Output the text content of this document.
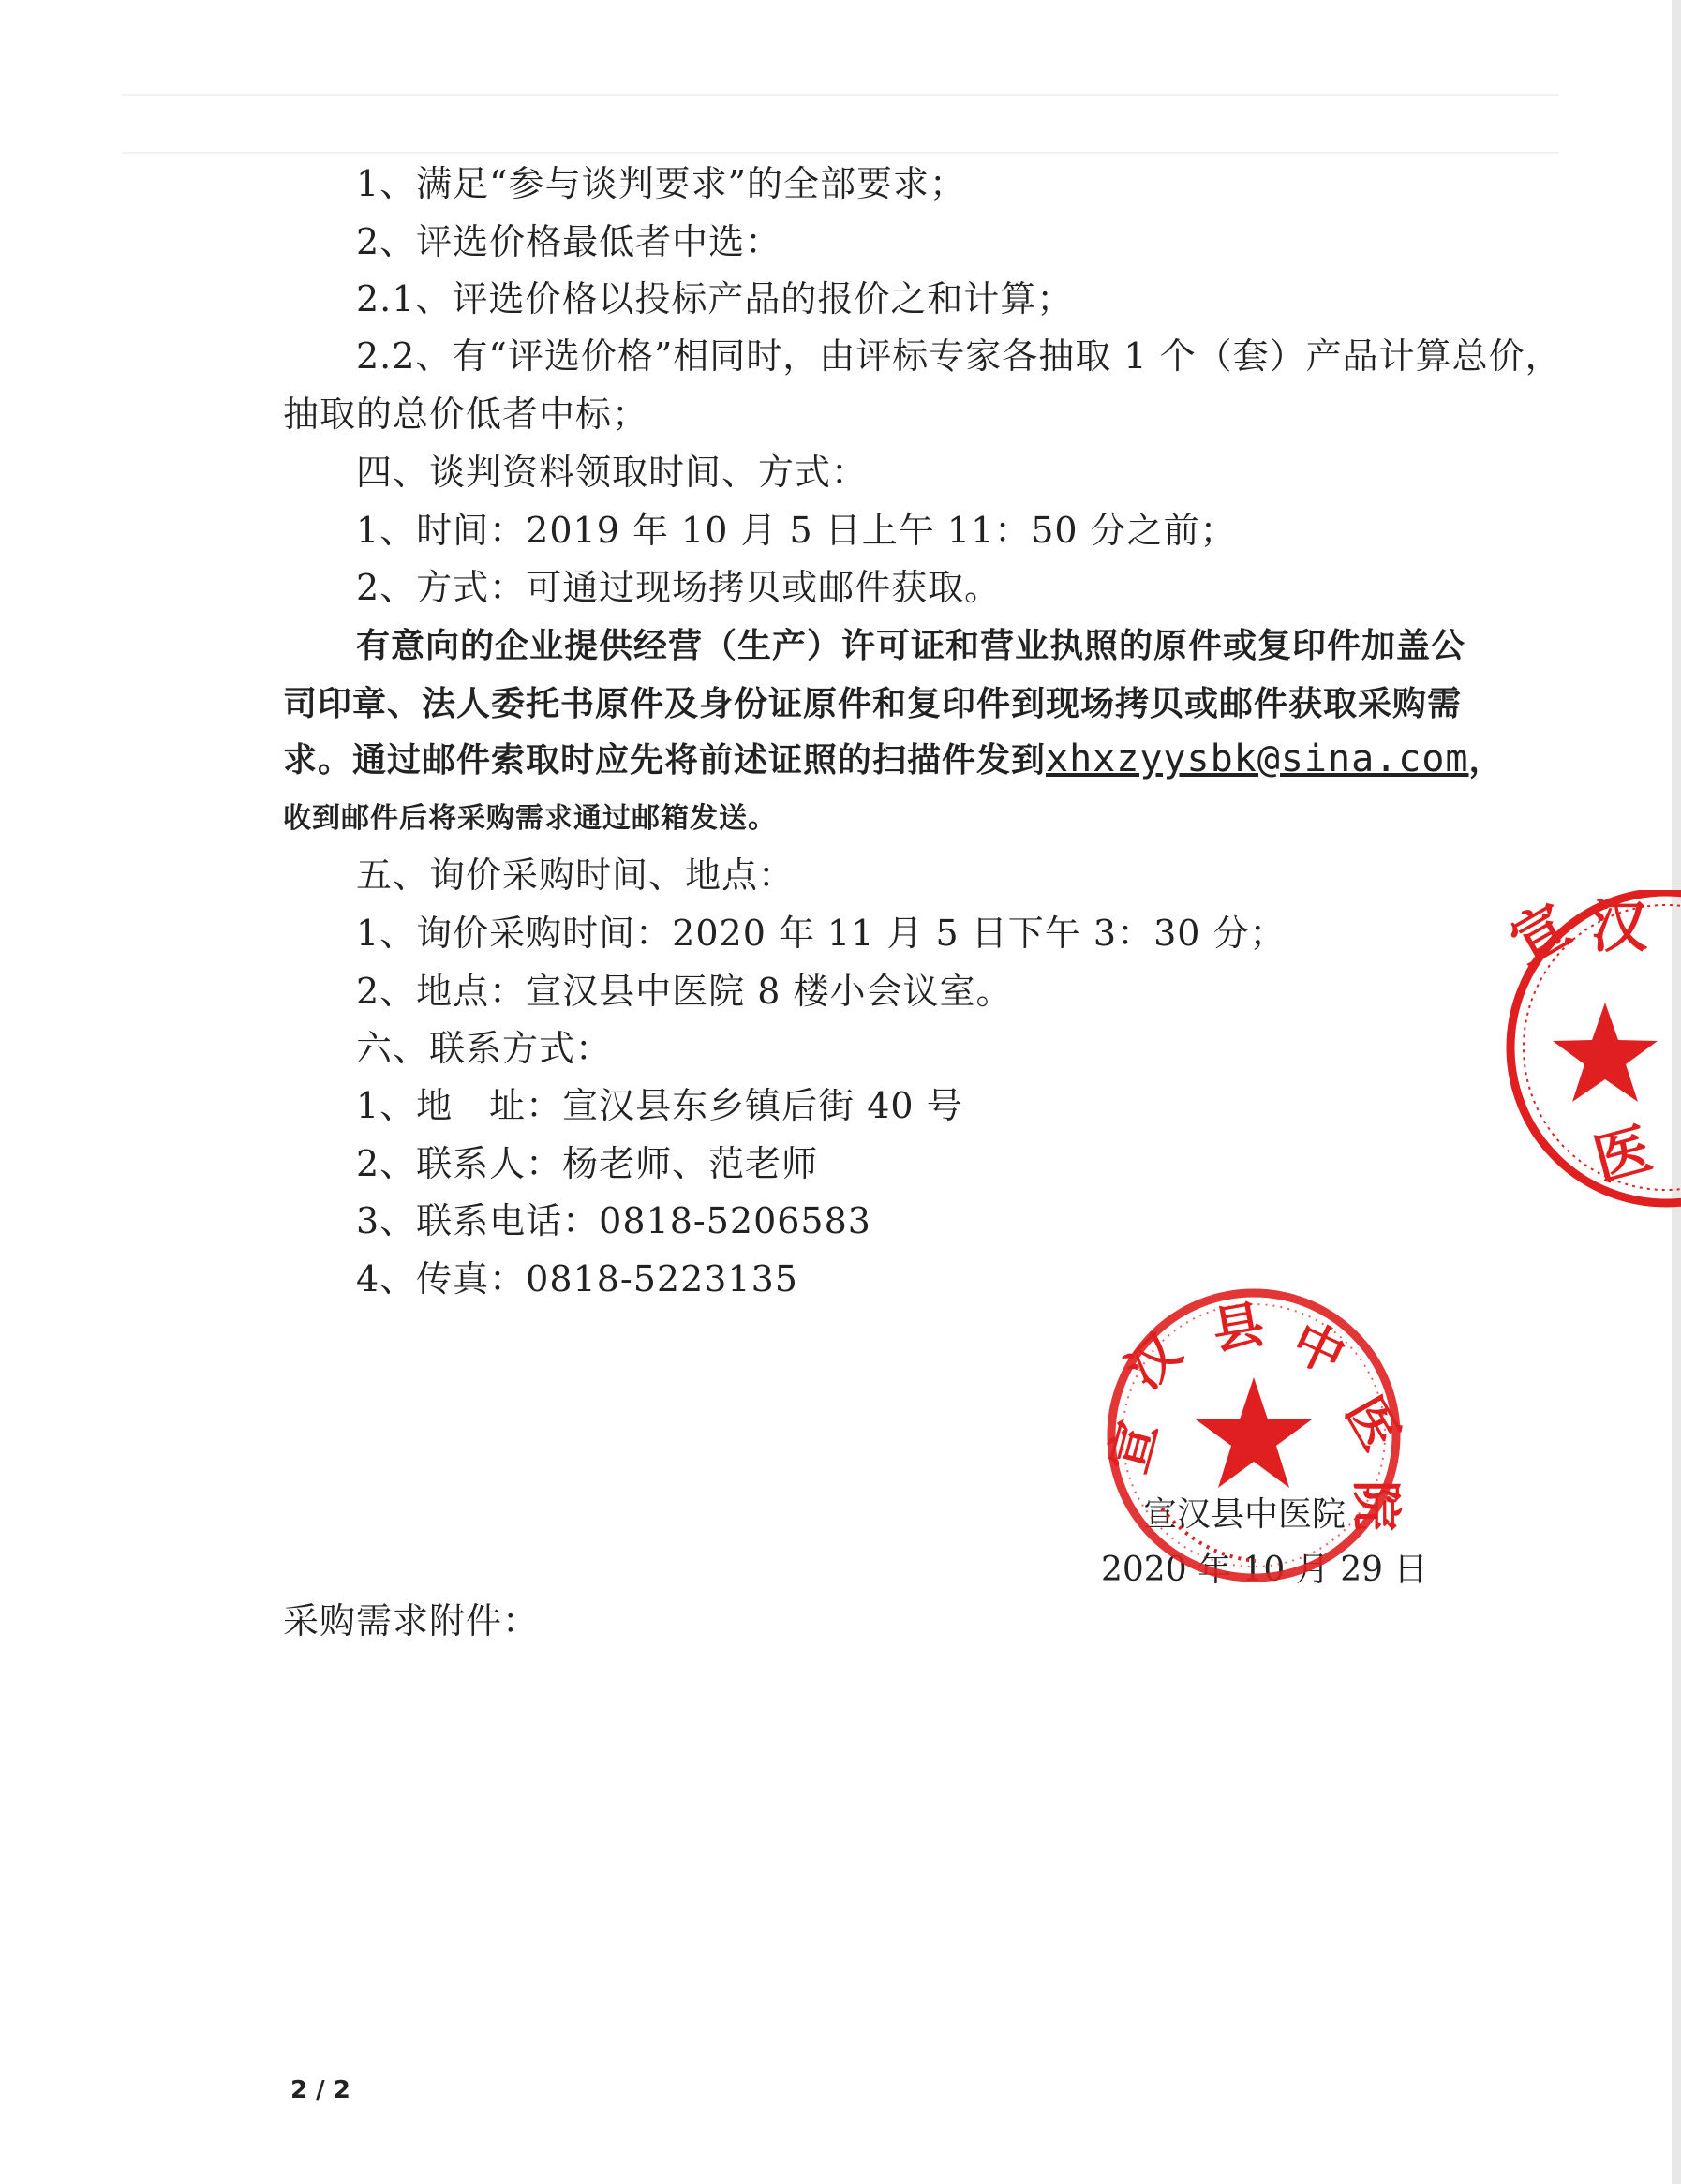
1、满足“参与谈判要求”的全部要求；
2、评选价格最低者中选：
2.1、评选价格以投标产品的报价之和计算；
2.2、有“评选价格”相同时，由评标专家各抽取 1 个（套）产品计算总价，
抽取的总价低者中标；
四、谈判资料领取时间、方式：
1、时间：2019 年 10 月 5 日上午 11：50 分之前；
2、方式：可通过现场拷贝或邮件获取。
有意向的企业提供经营（生产）许可证和营业执照的原件或复印件加盖公
司印章、法人委托书原件及身份证原件和复印件到现场拷贝或邮件获取采购需
求。通过邮件索取时应先将前述证照的扫描件发到xhxzyysbk@sina.com，
收到邮件后将采购需求通过邮箱发送。
五、询价采购时间、地点：
1、询价采购时间：2020 年 11 月 5 日下午 3：30 分；
2、地点：宣汉县中医院 8 楼小会议室。
六、联系方式：
1、地　址：宣汉县东乡镇后街 40 号
2、联系人：杨老师、范老师
3、联系电话：0818-5206583
4、传真：0818-5223135
宣 汉
医
宣汉县中医院
2020 年 10 月 29 日
宣
汉 县 中
医
院
采购需求附件：
2 / 2
